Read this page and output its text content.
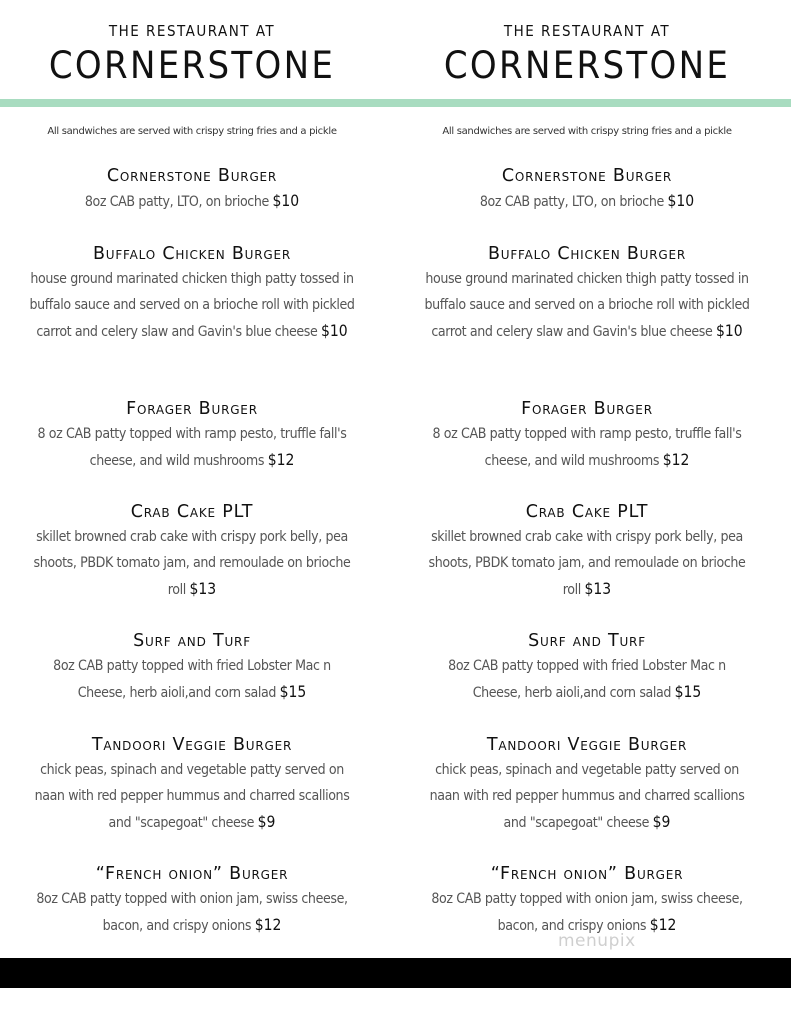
THE RESTAURANT AT
CORNERSTONE
All sandwiches are served with crispy string fries and a pickle
Cornerstone Burger
8oz CAB patty, LTO, on brioche $10
Buffalo Chicken Burger
house ground marinated chicken thigh patty tossed in buffalo sauce and served on a brioche roll with pickled carrot and celery slaw and Gavin's blue cheese $10
Forager Burger
8 oz CAB patty topped with ramp pesto, truffle fall's cheese, and wild mushrooms $12
Crab Cake PLT
skillet browned crab cake with crispy pork belly, pea shoots, PBDK tomato jam, and remoulade on brioche roll $13
Surf and Turf
8oz CAB patty topped with fried Lobster Mac n Cheese, herb aioli,and corn salad $15
Tandoori Veggie Burger
chick peas, spinach and vegetable patty served on naan with red pepper hummus and charred scallions and "scapegoat" cheese $9
“French onion” Burger
8oz CAB patty topped with onion jam, swiss cheese, bacon, and crispy onions $12
THE RESTAURANT AT
CORNERSTONE
All sandwiches are served with crispy string fries and a pickle
Cornerstone Burger
8oz CAB patty, LTO, on brioche $10
Buffalo Chicken Burger
house ground marinated chicken thigh patty tossed in buffalo sauce and served on a brioche roll with pickled carrot and celery slaw and Gavin's blue cheese $10
Forager Burger
8 oz CAB patty topped with ramp pesto, truffle fall's cheese, and wild mushrooms $12
Crab Cake PLT
skillet browned crab cake with crispy pork belly, pea shoots, PBDK tomato jam, and remoulade on brioche roll $13
Surf and Turf
8oz CAB patty topped with fried Lobster Mac n Cheese, herb aioli,and corn salad $15
Tandoori Veggie Burger
chick peas, spinach and vegetable patty served on naan with red pepper hummus and charred scallions and "scapegoat" cheese $9
“French onion” Burger
8oz CAB patty topped with onion jam, swiss cheese, bacon, and crispy onions $12
menupix
